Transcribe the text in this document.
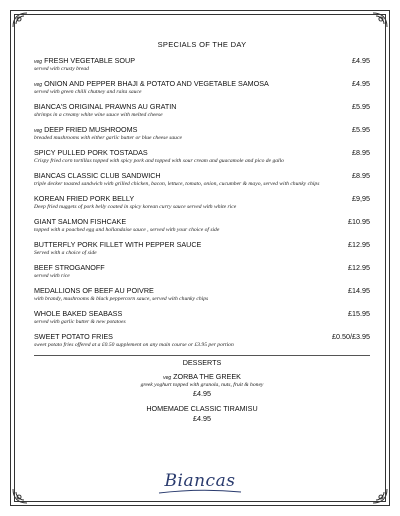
SPECIALS OF THE DAY
veg FRESH VEGETABLE SOUP	£4.95
served with crusty bread
veg ONION AND PEPPER BHAJI & POTATO AND VEGETABLE SAMOSA	£4.95
served with green chilli chutney and raita sauce
BIANCA'S ORIGINAL PRAWNS AU GRATIN	£5.95
shrimps in a creamy white wine sauce with melted cheese
veg DEEP FRIED MUSHROOMS	£5.95
breaded mushrooms with either garlic butter or blue cheese sauce
SPICY PULLED PORK TOSTADAS	£8.95
Crispy fried corn tortillas topped with spicy pork and topped with sour cream and guacamole and pico de gallo
BIANCAS CLASSIC CLUB SANDWICH	£8.95
triple decker toasted sandwich with grilled chicken, bacon, lettuce, tomato, onion, cucumber & mayo, served with chunky chips
KOREAN FRIED PORK BELLY	£9,95
Deep fried nuggets of pork belly coated in spicy korean curry sauce served with white rice
GIANT SALMON FISHCAKE	£10.95
topped with a poached egg and hollandaise sauce , served with your choice of side
BUTTERFLY PORK FILLET WITH PEPPER SAUCE	£12.95
Served with a choice of side
BEEF STROGANOFF	£12.95
served with rice
MEDALLIONS OF BEEF AU POIVRE	£14.95
with brandy, mushrooms & black peppercorn sauce, served with chunky chips
WHOLE BAKED SEABASS	£15.95
served with garlic butter & new potatoes
SWEET POTATO FRIES	£0.50/£3.95
sweet potato fries offered at a £0.50 supplement on any main course or £3.95 per portion
DESSERTS
veg ZORBA THE GREEK
greek yoghurt topped with granola, nuts, fruit & honey
£4.95
HOMEMADE CLASSIC TIRAMISU
£4.95
Biancas
